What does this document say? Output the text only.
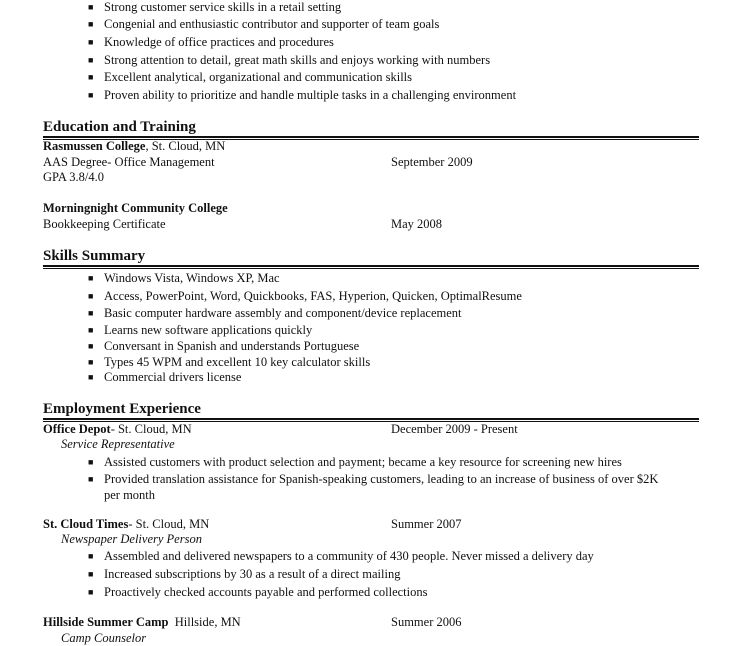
■ Strong customer service skills in a retail setting
■ Congenial and enthusiastic contributor and supporter of team goals
■ Knowledge of office practices and procedures
■ Strong attention to detail, great math skills and enjoys working with numbers
■ Excellent analytical, organizational and communication skills
■ Proven ability to prioritize and handle multiple tasks in a challenging environment
Education and Training
Rasmussen College, St. Cloud, MN
AAS Degree- Office Management	September 2009
GPA 3.8/4.0
Morningnight Community College
Bookkeeping Certificate	May 2008
Skills Summary
■ Windows Vista, Windows XP, Mac
■ Access, PowerPoint, Word, Quickbooks, FAS, Hyperion, Quicken, OptimalResume
■ Basic computer hardware assembly and component/device replacement
■ Learns new software applications quickly
■ Conversant in Spanish and understands Portuguese
■ Types 45 WPM and excellent 10 key calculator skills
■ Commercial drivers license
Employment Experience
Office Depot- St. Cloud, MN	December 2009 - Present
Service Representative
■ Assisted customers with product selection and payment; became a key resource for screening new hires
■ Provided translation assistance for Spanish-speaking customers, leading to an increase of business of over $2K
per month
St. Cloud Times- St. Cloud, MN	Summer 2007
Newspaper Delivery Person
■ Assembled and delivered newspapers to a community of 430 people. Never missed a delivery day
■ Increased subscriptions by 30 as a result of a direct mailing
■ Proactively checked accounts payable and performed collections
Hillside Summer Camp  Hillside, MN	Summer 2006
Camp Counselor
